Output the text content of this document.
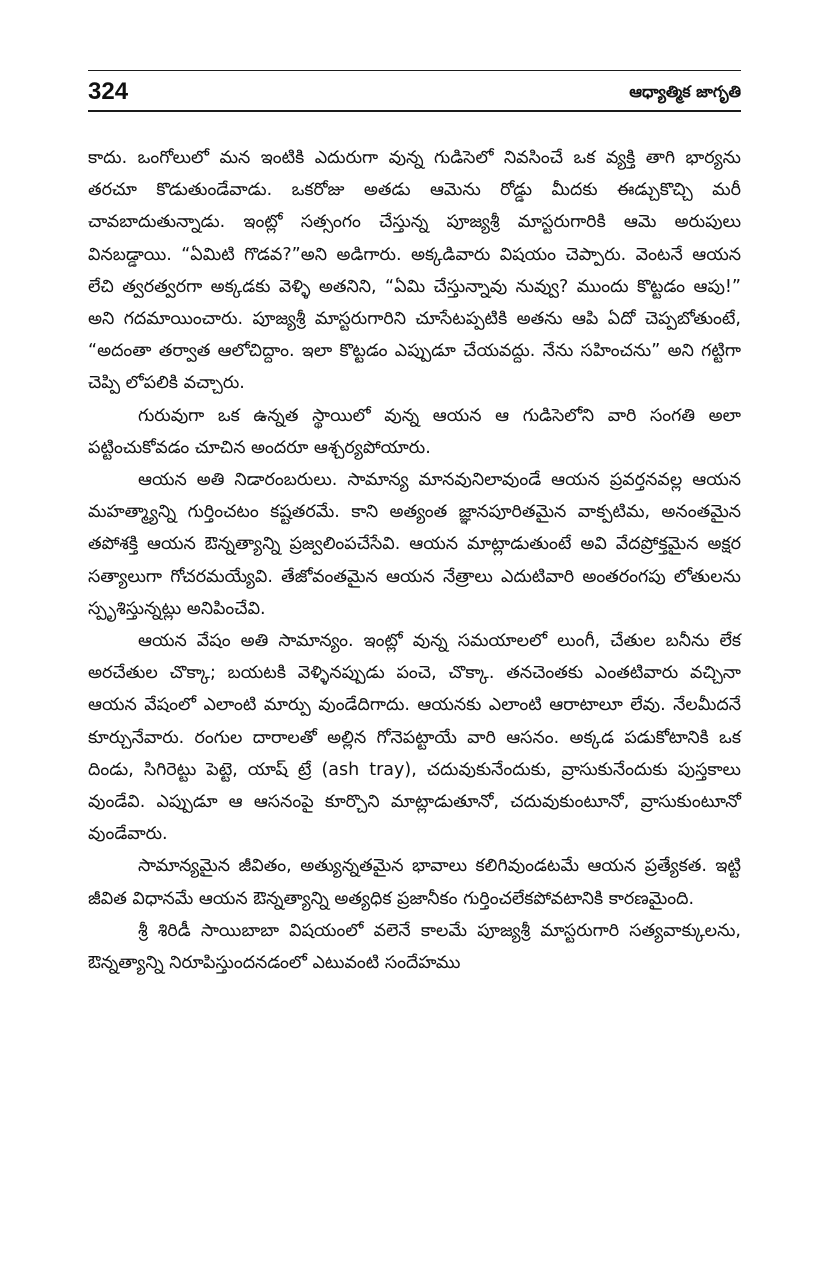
324	ఆధ్యాత్మిక జాగృతి

కాదు. ఒంగోలులో మన ఇంటికి ఎదురుగా వున్న గుడిసెలో నివసించే ఒక వ్యక్తి తాగి భార్యను తరచూ కొడుతుండేవాడు. ఒకరోజు అతడు ఆమెను రోడ్డు మీదకు ఈడ్చుకొచ్చి మరీ చావబాదుతున్నాడు. ఇంట్లో సత్సంగం చేస్తున్న పూజ్యశ్రీ మాస్టరుగారికి ఆమె అరుపులు వినబడ్డాయి. “ఏమిటి గొడవ?”అని అడిగారు. అక్కడివారు విషయం చెప్పారు. వెంటనే ఆయన లేచి త్వరత్వరగా అక్కడకు వెళ్ళి అతనిని, “ఏమి చేస్తున్నావు నువ్వు? ముందు కొట్టడం ఆపు!” అని గదమాయించారు. పూజ్యశ్రీ మాస్టరుగారిని చూసేటప్పటికి అతను ఆపి ఏదో చెప్పబోతుంటే, “అదంతా తర్వాత ఆలోచిద్దాం. ఇలా కొట్టడం ఎప్పుడూ చేయవద్దు. నేను సహించను” అని గట్టిగా చెప్పి లోపలికి వచ్చారు.

గురువుగా ఒక ఉన్నత స్థాయిలో వున్న ఆయన ఆ గుడిసెలోని వారి సంగతి అలా పట్టించుకోవడం చూచిన అందరూ ఆశ్చర్యపోయారు.

ఆయన అతి నిడారంబరులు. సామాన్య మానవునిలావుండే ఆయన ప్రవర్తనవల్ల ఆయన మహత్మ్యాన్ని గుర్తించటం కష్టతరమే. కాని అత్యంత జ్ఞానపూరితమైన వాక్పటిమ, అనంతమైన తపోశక్తి ఆయన ఔన్నత్యాన్ని ప్రజ్వలింపచేసేవి. ఆయన మాట్లాడుతుంటే అవి వేదప్రోక్తమైన అక్షర సత్యాలుగా గోచరమయ్యేవి. తేజోవంతమైన ఆయన నేత్రాలు ఎదుటివారి అంతరంగపు లోతులను స్పృశిస్తున్నట్లు అనిపించేవి.

ఆయన వేషం అతి సామాన్యం. ఇంట్లో వున్న సమయాలలో లుంగీ, చేతుల బనీను లేక అరచేతుల చొక్కా; బయటకి వెళ్ళినప్పుడు పంచె, చొక్కా. తనచెంతకు ఎంతటివారు వచ్చినా ఆయన వేషంలో ఎలాంటి మార్పు వుండేదిగాదు. ఆయనకు ఎలాంటి ఆరాటాలూ లేవు. నేలమీదనే కూర్చునేవారు. రంగుల దారాలతో అల్లిన గోనెపట్టాయే వారి ఆసనం. అక్కడ పడుకోటానికి ఒక దిండు, సిగిరెట్టు పెట్టె, యాష్ ట్రే (ash tray), చదువుకునేందుకు, వ్రాసుకునేందుకు పుస్తకాలు వుండేవి. ఎప్పుడూ ఆ ఆసనంపై కూర్చొని మాట్లాడుతూనో, చదువుకుంటూనో, వ్రాసుకుంటూనో వుండేవారు.

సామాన్యమైన జీవితం, అత్యున్నతమైన భావాలు కలిగివుండటమే ఆయన ప్రత్యేకత. ఇట్టి జీవిత విధానమే ఆయన ఔన్నత్యాన్ని అత్యధిక ప్రజానీకం గుర్తించలేకపోవటానికి కారణమైంది.

శ్రీ శిరిడీ సాయిబాబా విషయంలో వలెనే కాలమే పూజ్యశ్రీ మాస్టరుగారి సత్యవాక్కులను, ఔన్నత్యాన్ని నిరూపిస్తుందనడంలో ఎటువంటి సందేహము
